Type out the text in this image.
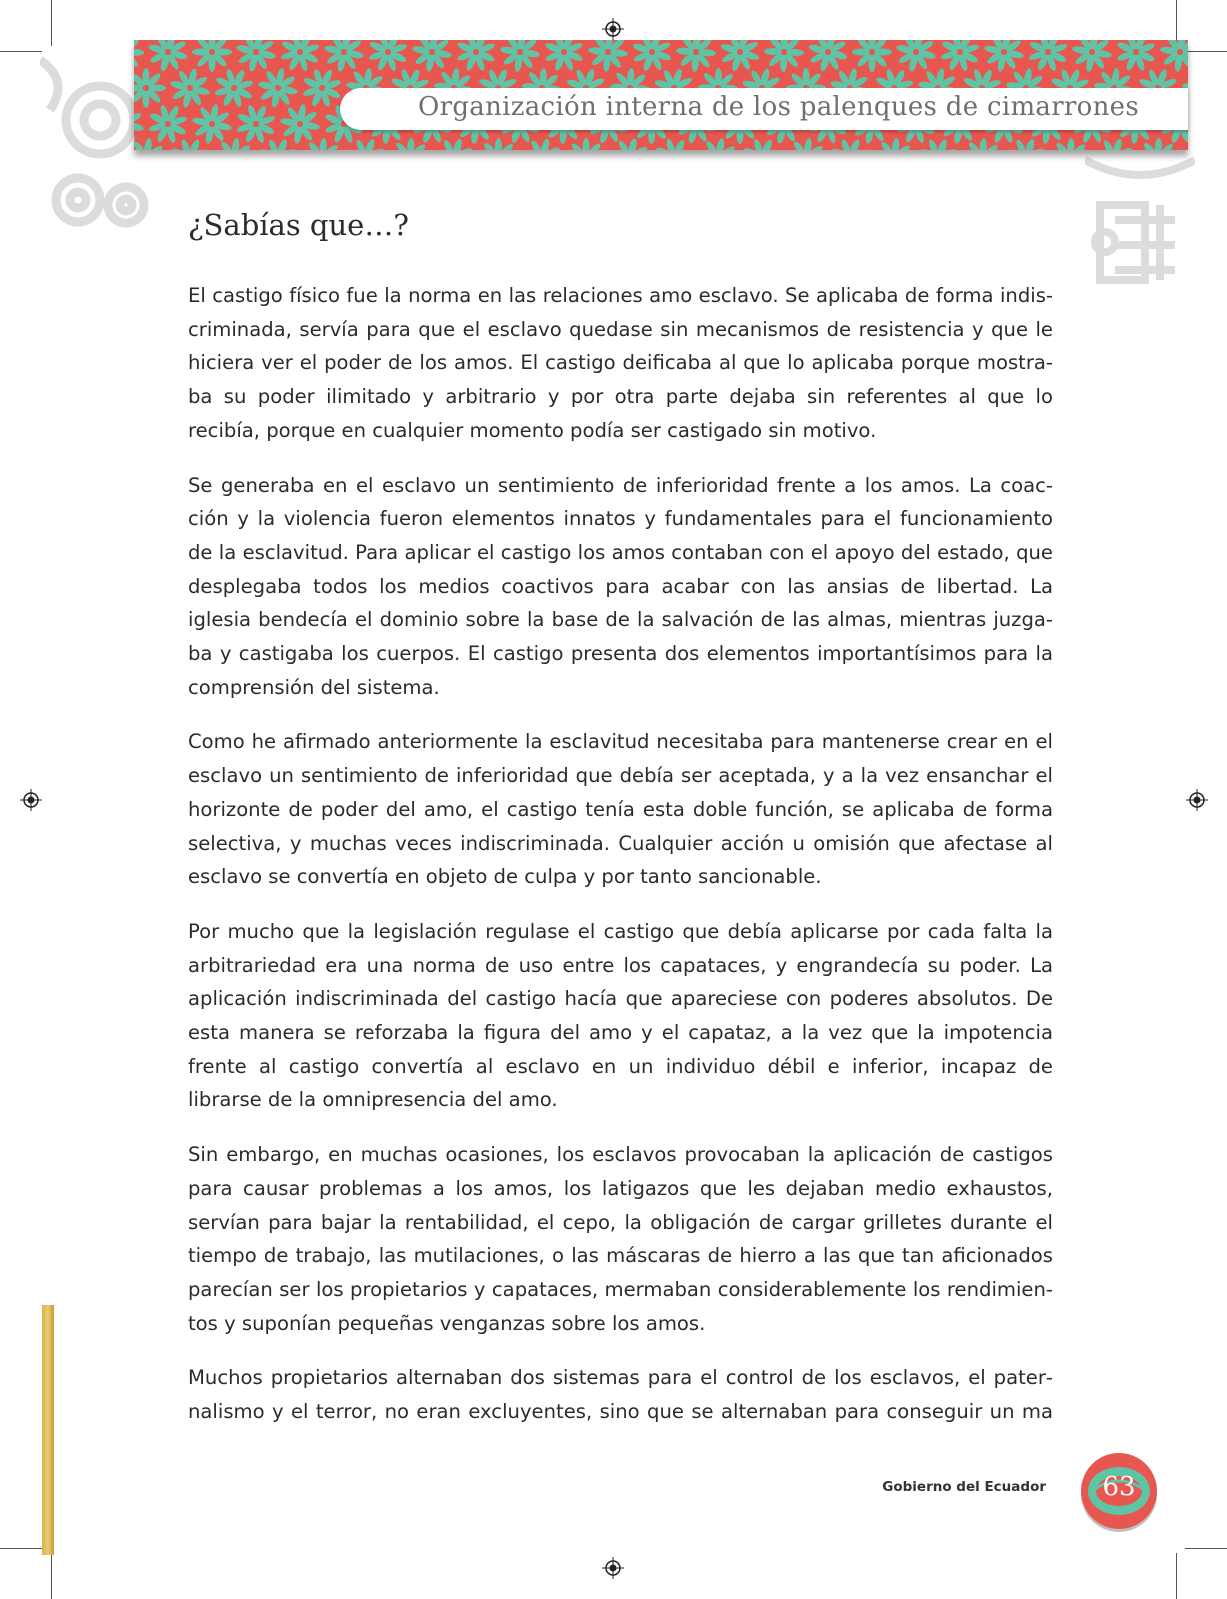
Organización interna de los palenques de cimarrones
¿Sabías que…?

El castigo físico fue la norma en las relaciones amo esclavo. Se aplicaba de forma indiscriminada, servía para que el esclavo quedase sin mecanismos de resistencia y que le hiciera ver el poder de los amos. El castigo deificaba al que lo aplicaba porque mostraba su poder ilimitado y arbitrario y por otra parte dejaba sin referentes al que lo recibía, porque en cualquier momento podía ser castigado sin motivo.

Se generaba en el esclavo un sentimiento de inferioridad frente a los amos. La coacción y la violencia fueron elementos innatos y fundamentales para el funcionamiento de la esclavitud. Para aplicar el castigo los amos contaban con el apoyo del estado, que desplegaba todos los medios coactivos para acabar con las ansias de libertad. La iglesia bendecía el dominio sobre la base de la salvación de las almas, mientras juzgaba y castigaba los cuerpos. El castigo presenta dos elementos importantísimos para la comprensión del sistema.

Como he afirmado anteriormente la esclavitud necesitaba para mantenerse crear en el esclavo un sentimiento de inferioridad que debía ser aceptada, y a la vez ensanchar el horizonte de poder del amo, el castigo tenía esta doble función, se aplicaba de forma selectiva, y muchas veces indiscriminada. Cualquier acción u omisión que afectase al esclavo se convertía en objeto de culpa y por tanto sancionable.

Por mucho que la legislación regulase el castigo que debía aplicarse por cada falta la arbitrariedad era una norma de uso entre los capataces, y engrandecía su poder. La aplicación indiscriminada del castigo hacía que apareciese con poderes absolutos. De esta manera se reforzaba la figura del amo y el capataz, a la vez que la impotencia frente al castigo convertía al esclavo en un individuo débil e inferior, incapaz de librarse de la omnipresencia del amo.

Sin embargo, en muchas ocasiones, los esclavos provocaban la aplicación de castigos para causar problemas a los amos, los latigazos que les dejaban medio exhaustos, servían para bajar la rentabilidad, el cepo, la obligación de cargar grilletes durante el tiempo de trabajo, las mutilaciones, o las máscaras de hierro a las que tan aficionados parecían ser los propietarios y capataces, mermaban considerablemente los rendimientos y suponían pequeñas venganzas sobre los amos.

Muchos propietarios alternaban dos sistemas para el control de los esclavos, el paternalismo y el terror, no eran excluyentes, sino que se alternaban para conseguir un ma

Gobierno del Ecuador	63
